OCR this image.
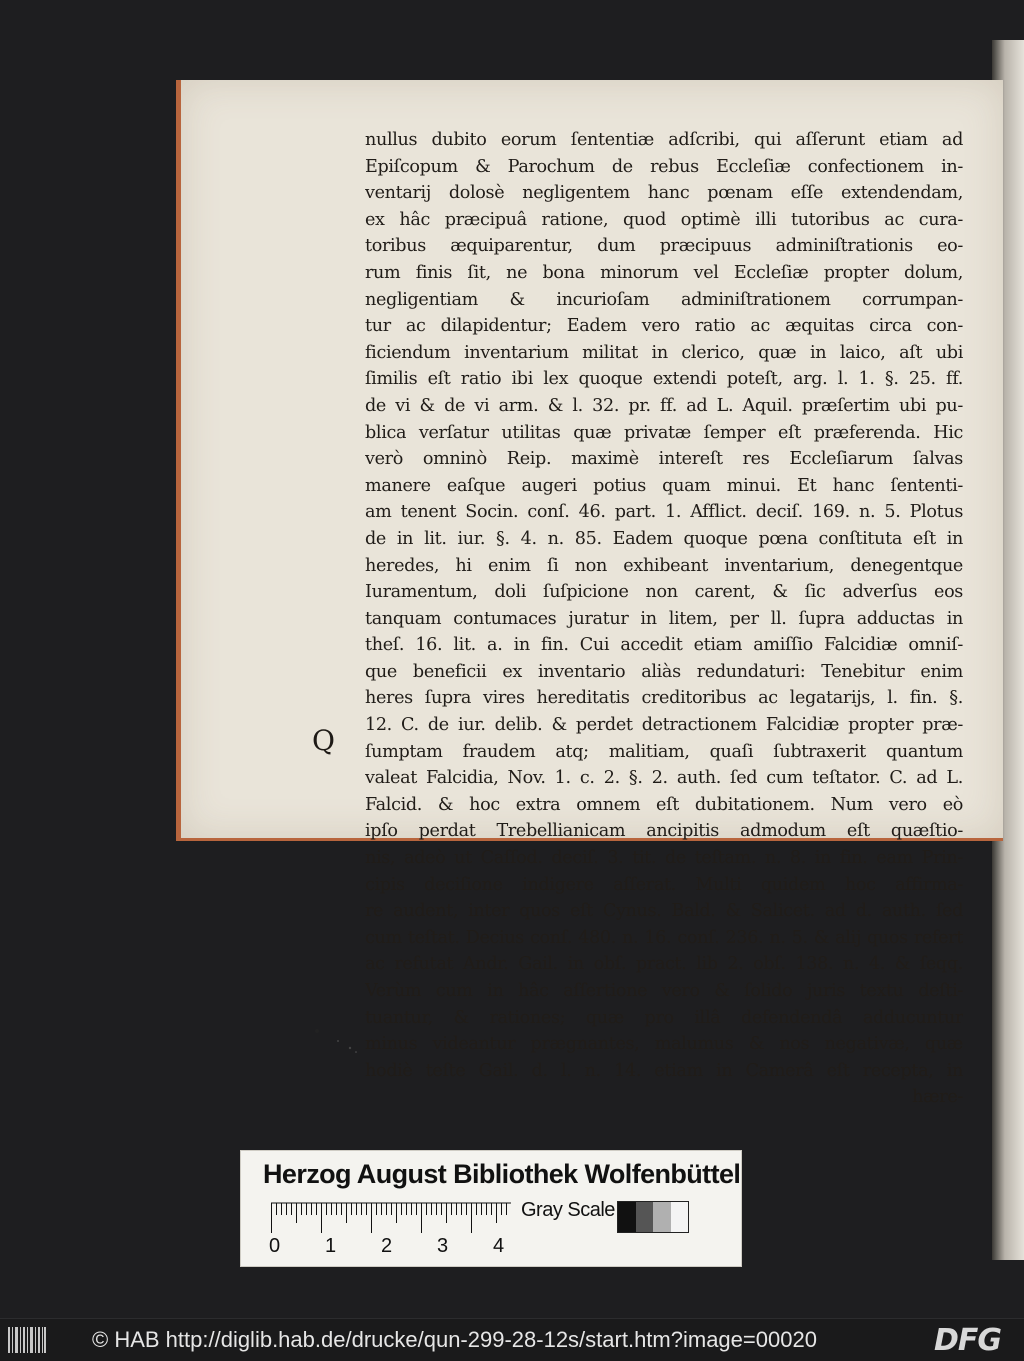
nullus dubito eorum ſententiæ adſcribi, qui aſſerunt etiam ad
Epiſcopum & Parochum de rebus Eccleſiæ confectionem in-
ventarij dolosè negligentem hanc pœnam eſſe extendendam,
ex hâc præcipuâ ratione, quod optimè illi tutoribus ac cura-
toribus æquiparentur, dum præcipuus adminiſtrationis eo-
rum finis ſit, ne bona minorum vel Eccleſiæ propter dolum,
negligentiam & incurioſam adminiſtrationem corrumpan-
tur ac dilapidentur; Eadem vero ratio ac æquitas circa con-
ficiendum inventarium militat in clerico, quæ in laico, aſt ubi
ſimilis eſt ratio ibi lex quoque extendi poteſt, arg. l. 1. §. 25. ff.
de vi & de vi arm. & l. 32. pr. ff. ad L. Aquil. præſertim ubi pu-
blica verſatur utilitas quæ privatæ ſemper eſt præferenda. Hic
verò omninò Reip. maximè intereſt res Eccleſiarum ſalvas
manere eaſque augeri potius quam minui. Et hanc ſententi-
am tenent Socin. conſ. 46. part. 1. Afflict. deciſ. 169. n. 5. Plotus
de in lit. iur. §. 4. n. 85. Eadem quoque pœna conſtituta eſt in
heredes, hi enim ſi non exhibeant inventarium, denegentque
Iuramentum, doli ſuſpicione non carent, & ſic adverſus eos
tanquam contumaces juratur in litem, per ll. ſupra adductas in
theſ. 16. lit. a. in fin. Cui accedit etiam amiſſio Falcidiæ omniſ-
que beneficii ex inventario aliàs redundaturi: Tenebitur enim
heres ſupra vires hereditatis creditoribus ac legatarijs, l. fin. §.
12. C. de iur. delib. & perdet detractionem Falcidiæ propter præ-
ſumptam fraudem atq; malitiam, quaſi ſubtraxerit quantum
valeat Falcidia, Nov. 1. c. 2. §. 2. auth. ſed cum teſtator. C. ad L.
Falcid. & hoc extra omnem eſt dubitationem. Num vero eò
ipſo perdat Trebellianicam ancipitis admodum eſt quæſtio-
nis, adeò ut Caſſod. deciſ. 3. tit. de teſtam. n. 8. in fin. eam Prin-
cipis deciſione indigere aſſerat. Multi quidem hoc affirma-
re audent, inter quos eſt Cynus. Bald. & Salicet. ad d. auth. ſed
cum teſtat. Decius conſ. 480. n. 16. conſ. 236. n. 5. & alij quos refert
ac refutat Andr. Gail. in obſ. pract. lib 2. obſ. 138. n. 4. & ſeqq.
Verùm cum in hâc aſſertione vero & ſolido juris textu deſti-
tuantur, & rationes; quæ pro illâ defendendâ adducuntur
minus videantur prægnantes, malumus & nos negativæ, quæ
hodiè teſte Gail. d. l. n. 14. etiam in Camerâ eſt recepta, in
hære-
Q
Herzog August Bibliothek Wolfenbüttel
0 1 2 3 4
Gray Scale
© HAB http://diglib.hab.de/drucke/qun-299-28-12s/start.htm?image=00020	DFG
